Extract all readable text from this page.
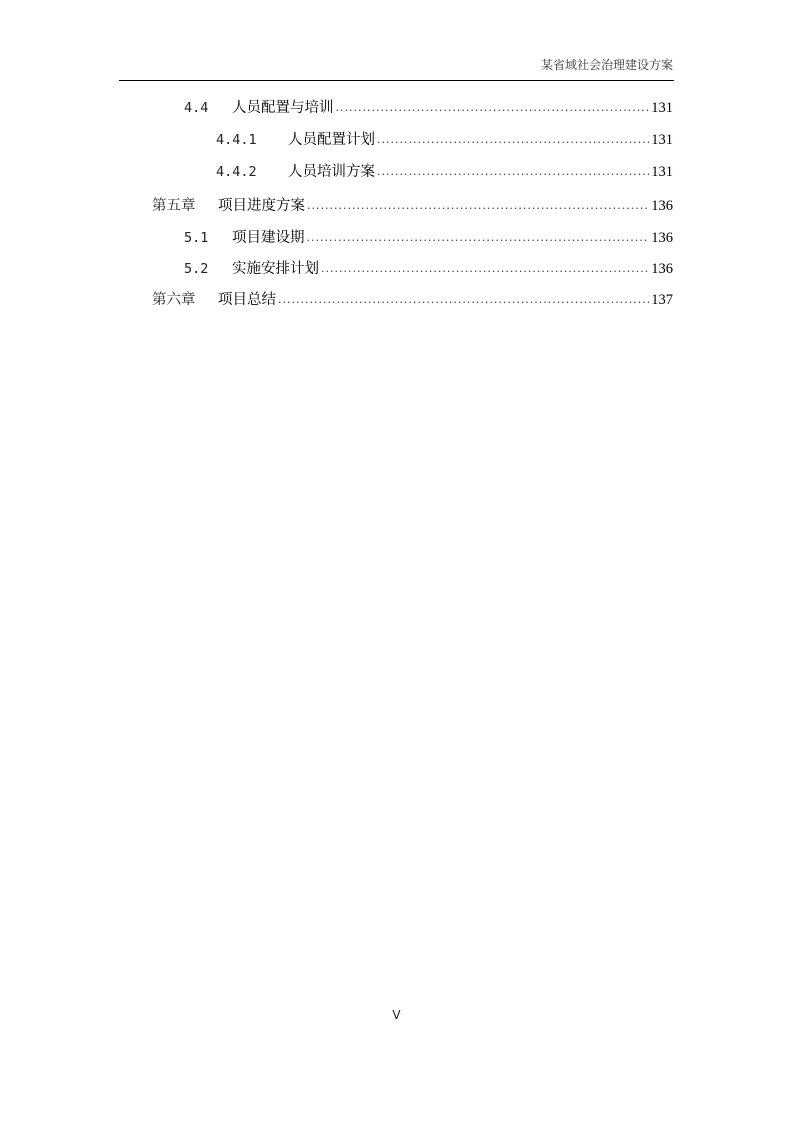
某省域社会治理建设方案
4.4	人员配置与培训 .....	131
4.4.1	人员配置计划 .....	131
4.4.2	人员培训方案 .....	131
第五章	项目进度方案 .....	136
5.1	项目建设期 .....	136
5.2	实施安排计划 .....	136
第六章	项目总结 .....	137
V
